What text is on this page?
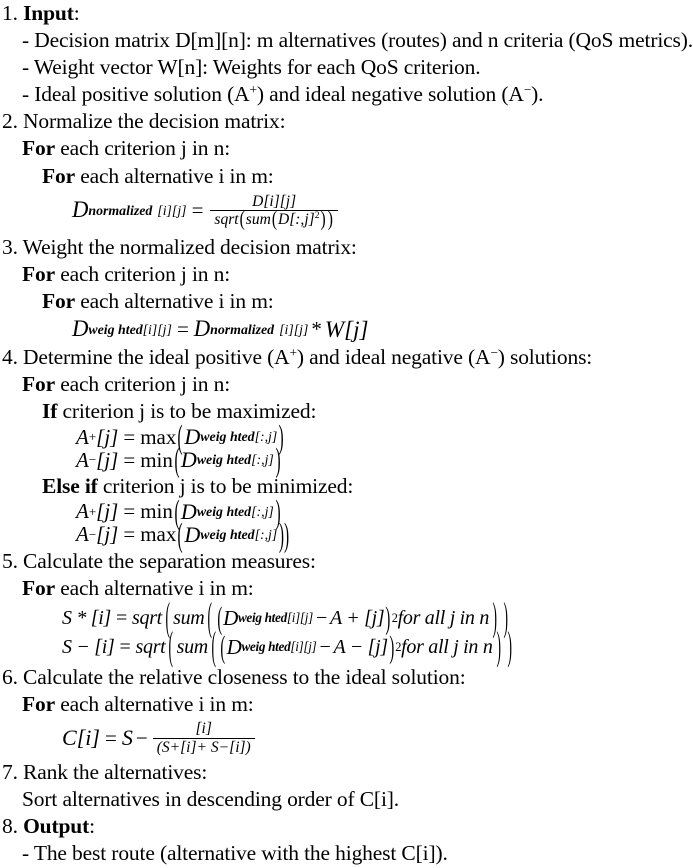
1. Input:
- Decision matrix D[m][n]: m alternatives (routes) and n criteria (QoS metrics).
- Weight vector W[n]: Weights for each QoS criterion.
- Ideal positive solution (A+) and ideal negative solution (A−).
2. Normalize the decision matrix:
For each criterion j in n:
For each alternative i in m:
D normalized $[i][j] = \frac{D[i][j]}{sqrt(sum(D[:,j]^2) )}$
3. Weight the normalized decision matrix:
For each criterion j in n:
For each alternative i in m:
D weig hted [i][j] = D normalized [i][j] * W[j]
4. Determine the ideal positive (A+) and ideal negative (A−) solutions:
For each criterion j in n:
If criterion j is to be maximized:
A + [j] = max ( D weig hted [:,j] )
A − [j] = min ( D weig hted [:,j] )
Else if criterion j is to be minimized:
A + [j] = min ( D weig hted [:,j] )
A − [j] = max ( D weig hted [:,j] ))
5. Calculate the separation measures:
For each alternative i in m:
S * [i] = sqrt ( sum ( ( D weig hted [i][j] − A + [j] ) 2 for all j in n ) )
S − [i] = sqrt ( sum ( ( D weig hted [i][j] − A − [j] ) 2 for all j in n ) )
6. Calculate the relative closeness to the ideal solution:
For each alternative i in m:
$C[i] = S - \frac{[i]}{(S+[i]+ S-[i])}$
7. Rank the alternatives:
Sort alternatives in descending order of C[i].
8. Output:
- The best route (alternative with the highest C[i]).
